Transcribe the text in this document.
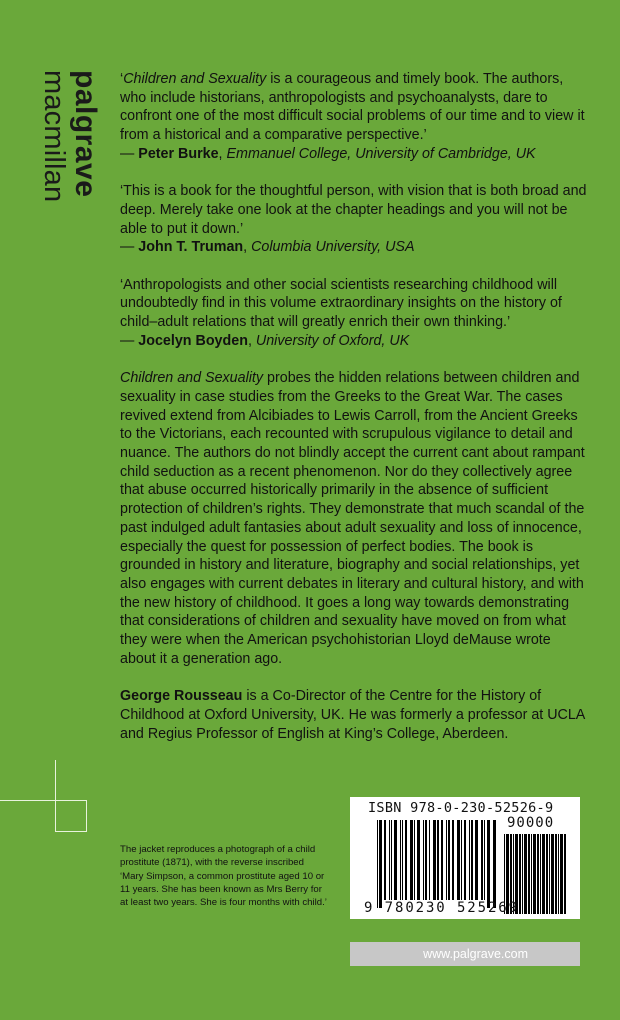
palgrave
macmillan	‘Children and Sexuality is a courageous and timely book. The authors, who include historians, anthropologists and psychoanalysts, dare to confront one of the most difficult social problems of our time and to view it from a historical and a comparative perspective.’
— Peter Burke, Emmanuel College, University of Cambridge, UK

‘This is a book for the thoughtful person, with vision that is both broad and deep. Merely take one look at the chapter headings and you will not be able to put it down.’
— John T. Truman, Columbia University, USA

‘Anthropologists and other social scientists researching childhood will undoubtedly find in this volume extraordinary insights on the history of child–adult relations that will greatly enrich their own thinking.’
— Jocelyn Boyden, University of Oxford, UK

Children and Sexuality probes the hidden relations between children and sexuality in case studies from the Greeks to the Great War. The cases revived extend from Alcibiades to Lewis Carroll, from the Ancient Greeks to the Victorians, each recounted with scrupulous vigilance to detail and nuance. The authors do not blindly accept the current cant about rampant child seduction as a recent phenomenon. Nor do they collectively agree that abuse occurred historically primarily in the absence of sufficient protection of children’s rights. They demonstrate that much scandal of the past indulged adult fantasies about adult sexuality and loss of innocence, especially the quest for possession of perfect bodies. The book is grounded in history and literature, biography and social relationships, yet also engages with current debates in literary and cultural history, and with the new history of childhood. It goes a long way towards demonstrating that considerations of children and sexuality have moved on from what they were when the American psychohistorian Lloyd deMause wrote about it a generation ago.

George Rousseau is a Co-Director of the Centre for the History of Childhood at Oxford University, UK. He was formerly a professor at UCLA and Regius Professor of English at King’s College, Aberdeen.

The jacket reproduces a photograph of a child prostitute (1871), with the reverse inscribed ‘Mary Simpson, a common prostitute aged 10 or 11 years. She has been known as Mrs Berry for at least two years. She is four months with child.’
ISBN 978-0-230-52526-9
90000
9 780230 525269
www.palgrave.com
